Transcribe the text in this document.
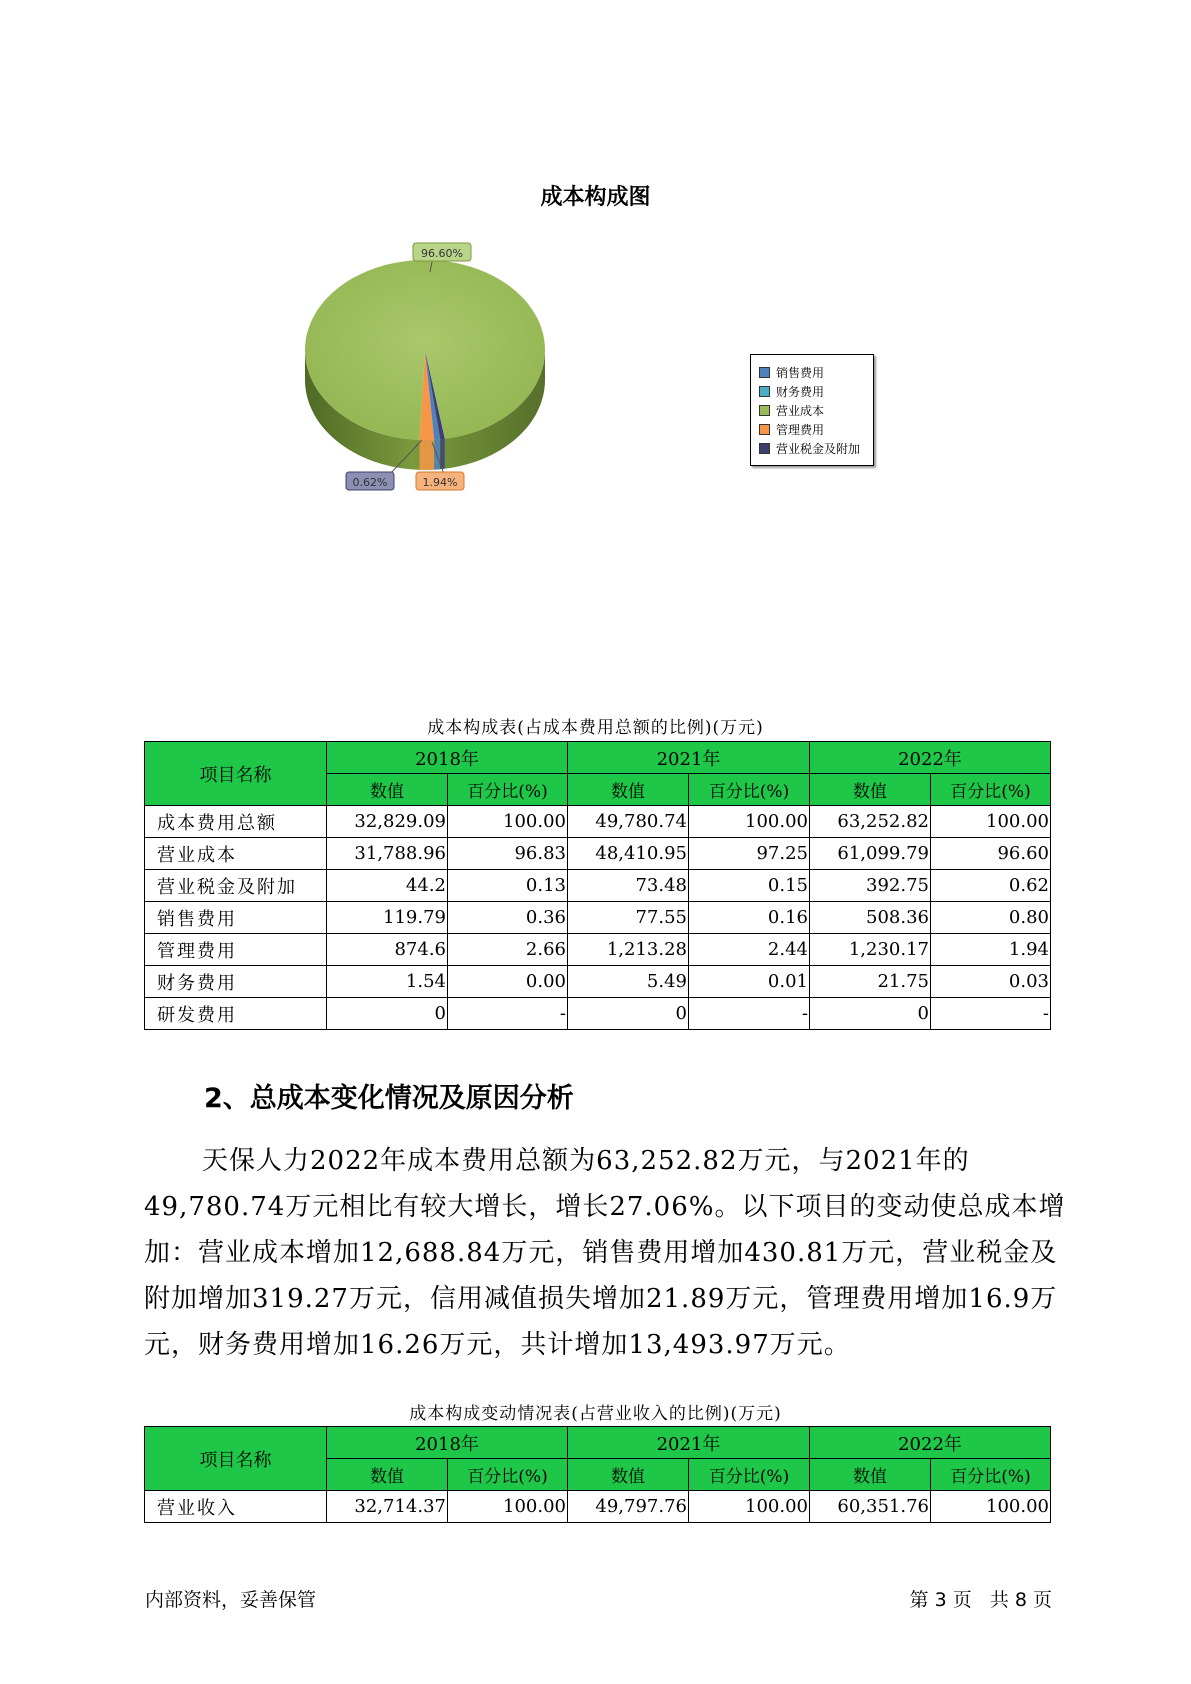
成本构成图
96.60%
0.62%	1.94%
销售费用
财务费用
营业成本
管理费用
营业税金及附加
成本构成表(占成本费用总额的比例)(万元)
项目名称	2018年		2021年		2022年	
	数值	百分比(%)	数值	百分比(%)	数值	百分比(%)
成本费用总额	32,829.09	100.00	49,780.74	100.00	63,252.82	100.00
营业成本	31,788.96	96.83	48,410.95	97.25	61,099.79	96.60
营业税金及附加	44.2	0.13	73.48	0.15	392.75	0.62
销售费用	119.79	0.36	77.55	0.16	508.36	0.80
管理费用	874.6	2.66	1,213.28	2.44	1,230.17	1.94
财务费用	1.54	0.00	5.49	0.01	21.75	0.03
研发费用	0	-	0	-	0	-
2、总成本变化情况及原因分析

天保人力2022年成本费用总额为63,252.82万元，与2021年的49,780.74万元相比有较大增长，增长27.06%。以下项目的变动使总成本增加：营业成本增加12,688.84万元，销售费用增加430.81万元，营业税金及附加增加319.27万元，信用减值损失增加21.89万元，管理费用增加16.9万元，财务费用增加16.26万元，共计增加13,493.97万元。

成本构成变动情况表(占营业收入的比例)(万元)
项目名称	2018年		2021年		2022年	
	数值	百分比(%)	数值	百分比(%)	数值	百分比(%)
营业收入	32,714.37	100.00	49,797.76	100.00	60,351.76	100.00
内部资料，妥善保管	第 3 页   共 8 页
